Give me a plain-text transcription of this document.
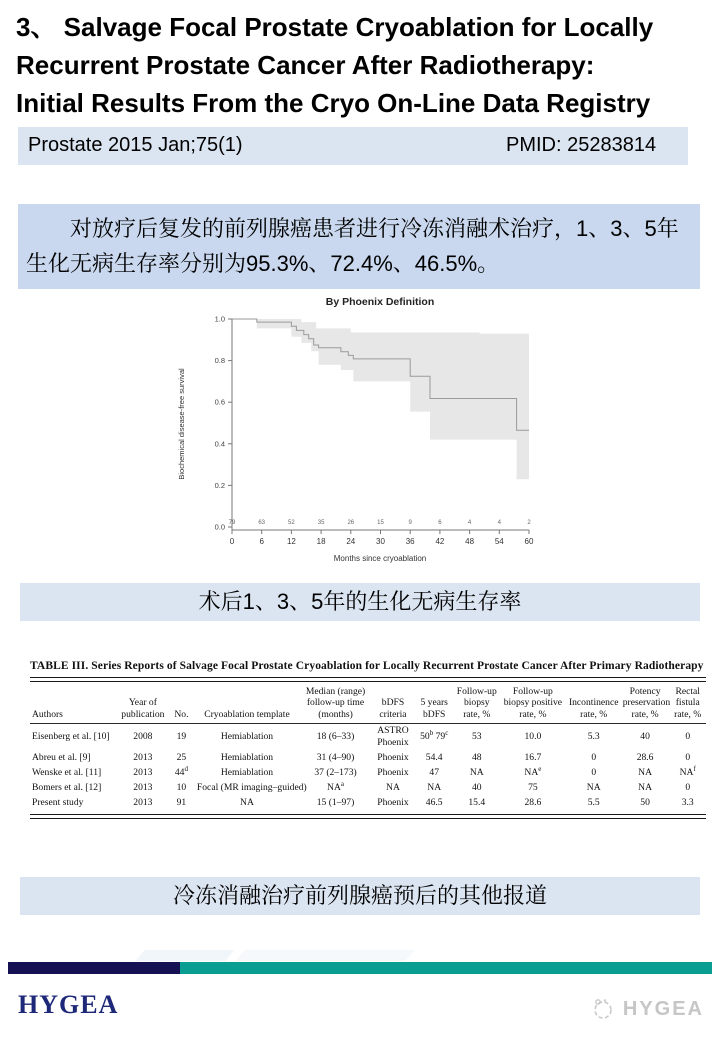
3、 Salvage Focal Prostate Cryoablation for Locally
Recurrent Prostate Cancer After Radiotherapy:
Initial Results From the Cryo On-Line Data Registry
Prostate 2015 Jan;75(1)	PMID: 25283814

对放疗后复发的前列腺癌患者进行冷冻消融术治疗，1、3、5年生化无病生存率分别为95.3%、72.4%、46.5%。

0.0
0.2
0.4
0.6
0.8
1.0
0
79
6
63
12
52
18
35
24
26
30
15
36
9
42
6
48
4
54
4
60
2
By Phoenix Definition
Months since cryoablation
Biochemical disease-free survival
术后1、3、5年的生化无病生存率
TABLE III. Series Reports of Salvage Focal Prostate Cryoablation for Locally Recurrent Prostate Cancer After Primary Radiotherapy
Authors	Year of publication	No.	Cryoablation template	Median (range) follow-up time (months)	bDFS criteria	5 years bDFS	Follow-up biopsy rate, %	Follow-up biopsy positive rate, %	Incontinence rate, %	Potency preservation rate, %	Rectal fistula rate, %
Eisenberg et al. [10]	2008	19	Hemiablation	18 (6–33)	ASTRO Phoenix	50$^b$ 79$^c$	53	10.0	5.3	40	0
Abreu et al. [9]	2013	25	Hemiablation	31 (4–90)	Phoenix	54.4	48	16.7	0	28.6	0
Wenske et al. [11]	2013	44$^d$	Hemiablation	37 (2–173)	Phoenix	47	NA	$NA^e$	0	NA	$NA^f$
Bomers et al. [12]	2013	10	Focal (MR imaging–guided)	$NA^a$	NA	NA	40	75	NA	NA	0
Present study	2013	91	NA	15 (1–97)	Phoenix	46.5	15.4	28.6	5.5	50	3.3
冷冻消融治疗前列腺癌预后的其他报道
HYGEA	HYGEA
